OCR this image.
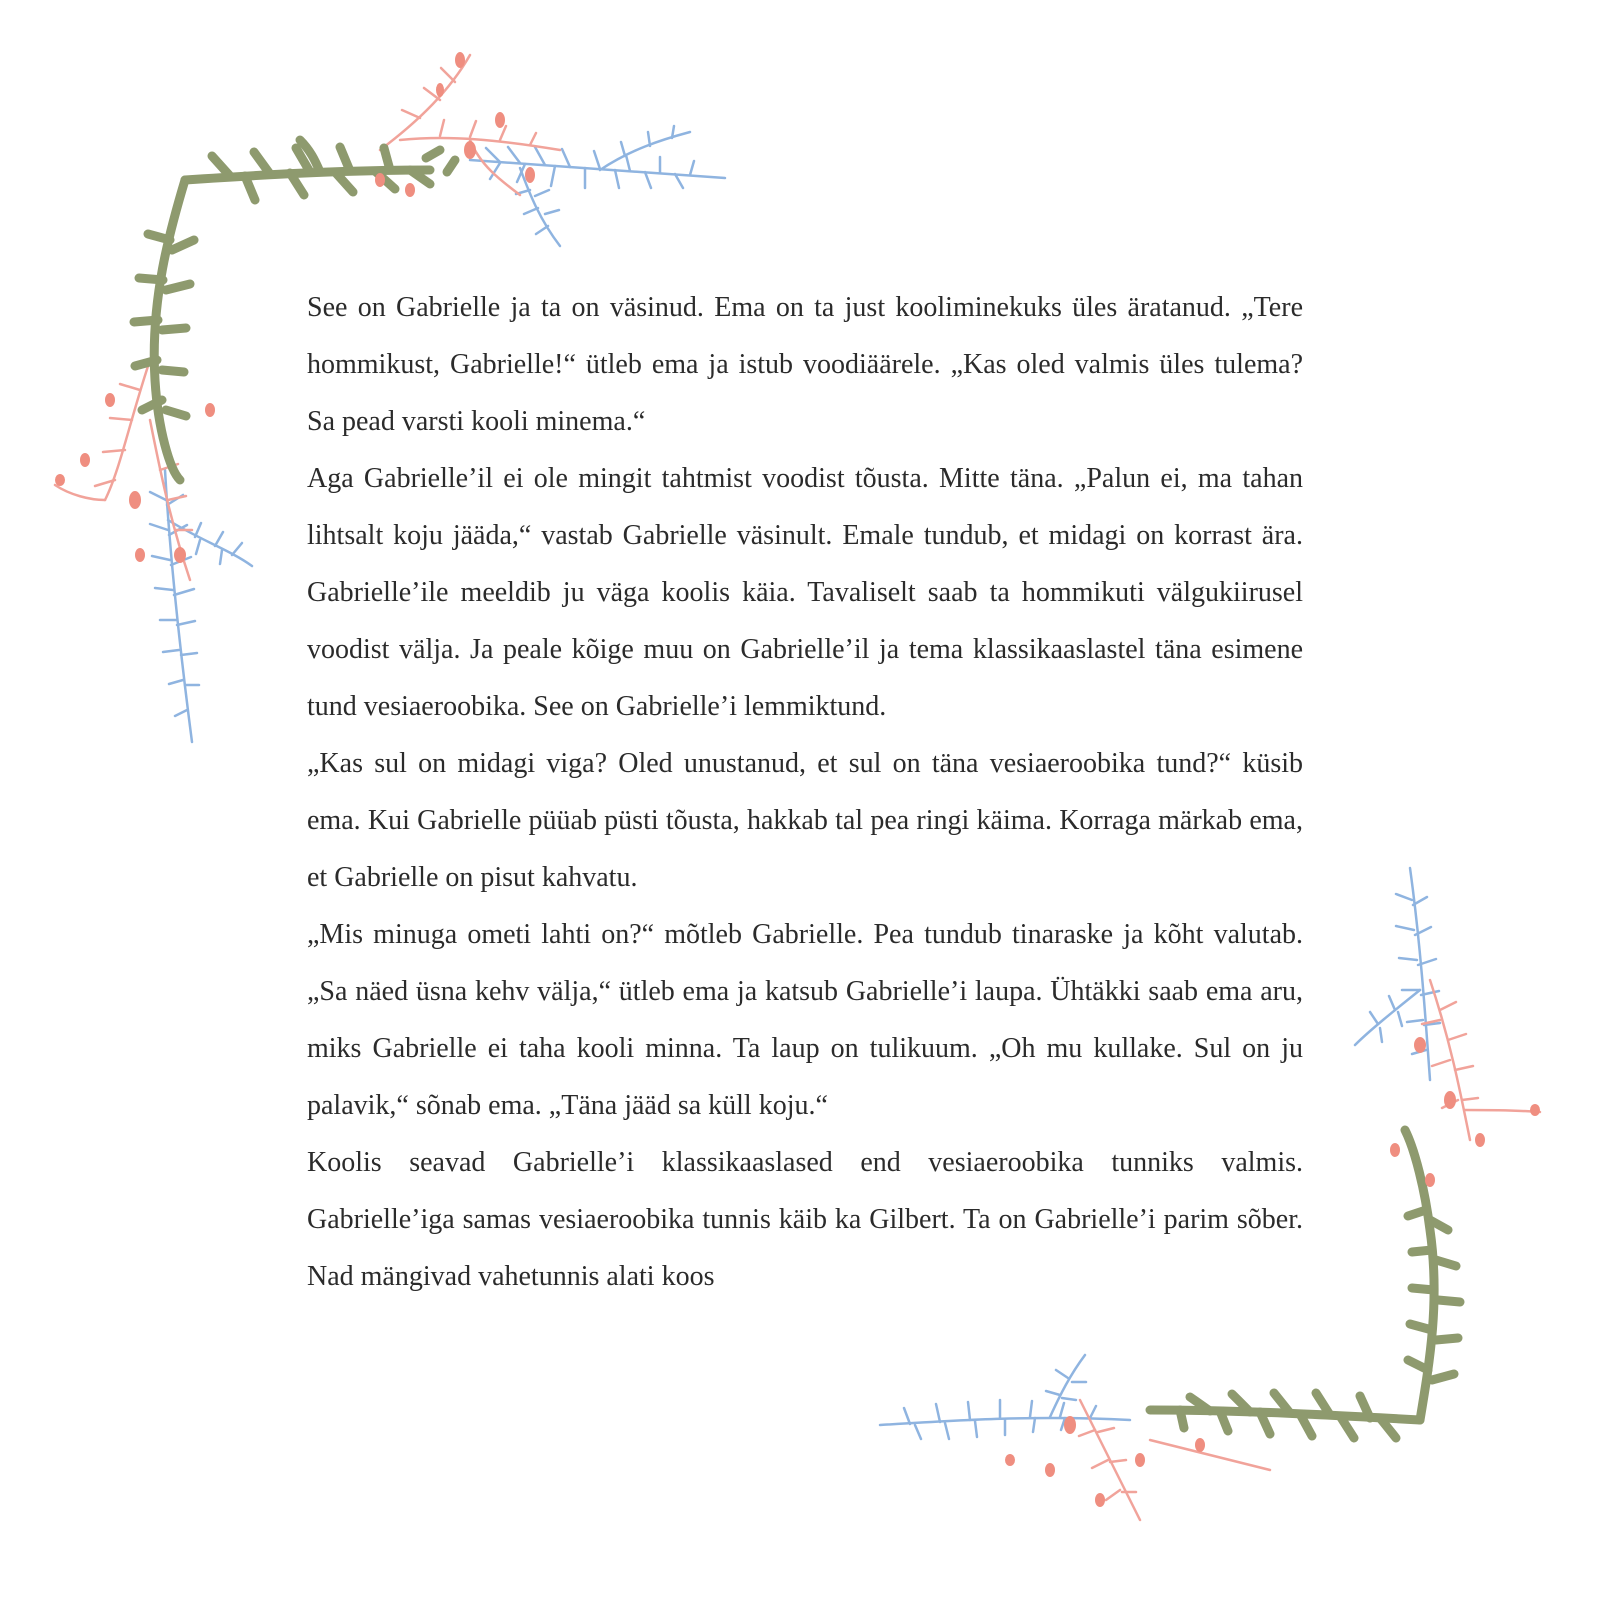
See on Gabrielle ja ta on väsinud. Ema on ta just kooliminekuks üles äratanud. „Tere hommikust, Gabrielle!“ ütleb ema ja istub voodiäärele. „Kas oled valmis üles tulema? Sa pead varsti kooli minema.“

Aga Gabrielle’il ei ole mingit tahtmist voodist tõusta. Mitte täna. „Palun ei, ma tahan lihtsalt koju jääda,“ vastab Gabrielle väsinult. Emale tundub, et midagi on korrast ära. Gabrielle’ile meeldib ju väga koolis käia. Tavaliselt saab ta hommikuti välgukiirusel voodist välja. Ja peale kõige muu on Gabrielle’il ja tema klassikaaslastel täna esimene tund vesiaeroobika. See on Gabrielle’i lemmiktund.

„Kas sul on midagi viga? Oled unustanud, et sul on täna vesiaeroobika tund?“ küsib ema. Kui Gabrielle püüab püsti tõusta, hakkab tal pea ringi käima. Korraga märkab ema, et Gabrielle on pisut kahvatu.

„Mis minuga ometi lahti on?“ mõtleb Gabrielle. Pea tundub tinaraske ja kõht valutab. „Sa näed üsna kehv välja,“ ütleb ema ja katsub Gabrielle’i laupa. Ühtäkki saab ema aru, miks Gabrielle ei taha kooli minna. Ta laup on tulikuum. „Oh mu kullake. Sul on ju palavik,“ sõnab ema. „Täna jääd sa küll koju.“

Koolis seavad Gabrielle’i klassikaaslased end vesiaeroobika tunniks valmis. Gabrielle’iga samas vesiaeroobika tunnis käib ka Gilbert. Ta on Gabrielle’i parim sõber. Nad mängivad vahetunnis alati koos
